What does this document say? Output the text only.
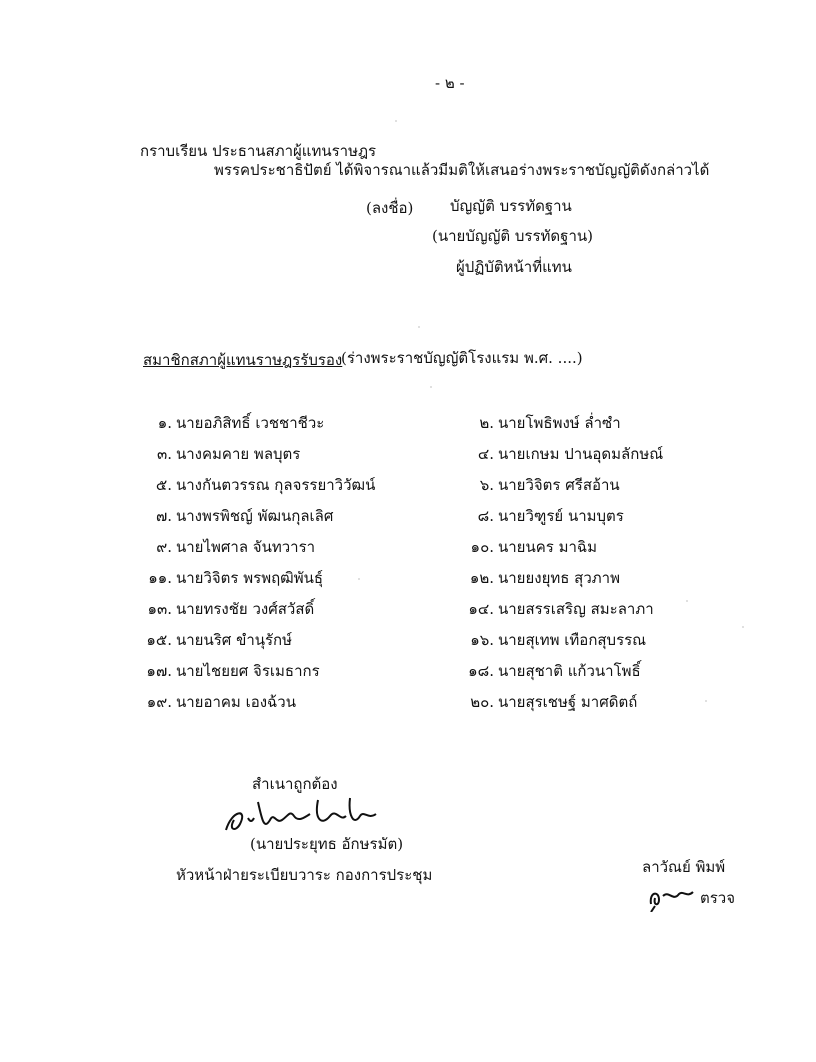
- ๒ -
กราบเรียน ประธานสภาผู้แทนราษฎร
พรรคประชาธิปัตย์ ได้พิจารณาแล้วมีมติให้เสนอร่างพระราชบัญญัติดังกล่าวได้
(ลงชื่อ) บัญญัติ บรรทัดฐาน
(นายบัญญัติ บรรทัดฐาน)
ผู้ปฏิบัติหน้าที่แทน
สมาชิกสภาผู้แทนราษฎรรับรอง
(ร่างพระราชบัญญัติโรงแรม พ.ศ. ....)
๑. นายอภิสิทธิ์ เวชชาชีวะ
๓. นางคมคาย พลบุตร
๕. นางกันตวรรณ กุลจรรยาวิวัฒน์
๗. นางพรพิชญ์ พัฒนกุลเลิศ
๙. นายไพศาล จันทวารา
๑๑. นายวิจิตร พรพฤฒิพันธุ์
๑๓. นายทรงชัย วงศ์สวัสดิ์
๑๕. นายนริศ ขำนุรักษ์
๑๗. นายไชยยศ จิรเมธากร
๑๙. นายอาคม เองฉ้วน
๒. นายโพธิพงษ์ ล่ำซำ
๔. นายเกษม ปานอุดมลักษณ์
๖. นายวิจิตร ศรีสอ้าน
๘. นายวิฑูรย์ นามบุตร
๑๐. นายนคร มาฉิม
๑๒. นายยงยุทธ สุวภาพ
๑๔. นายสรรเสริญ สมะลาภา
๑๖. นายสุเทพ เทือกสุบรรณ
๑๘. นายสุชาติ แก้วนาโพธิ์
๒๐. นายสุรเชษฐ์ มาศดิตถ์
สำเนาถูกต้อง
(นายประยุทธ อักษรมัต)
หัวหน้าฝ่ายระเบียบวาระ กองการประชุม	ลาวัณย์ พิมพ์
ตรวจ
